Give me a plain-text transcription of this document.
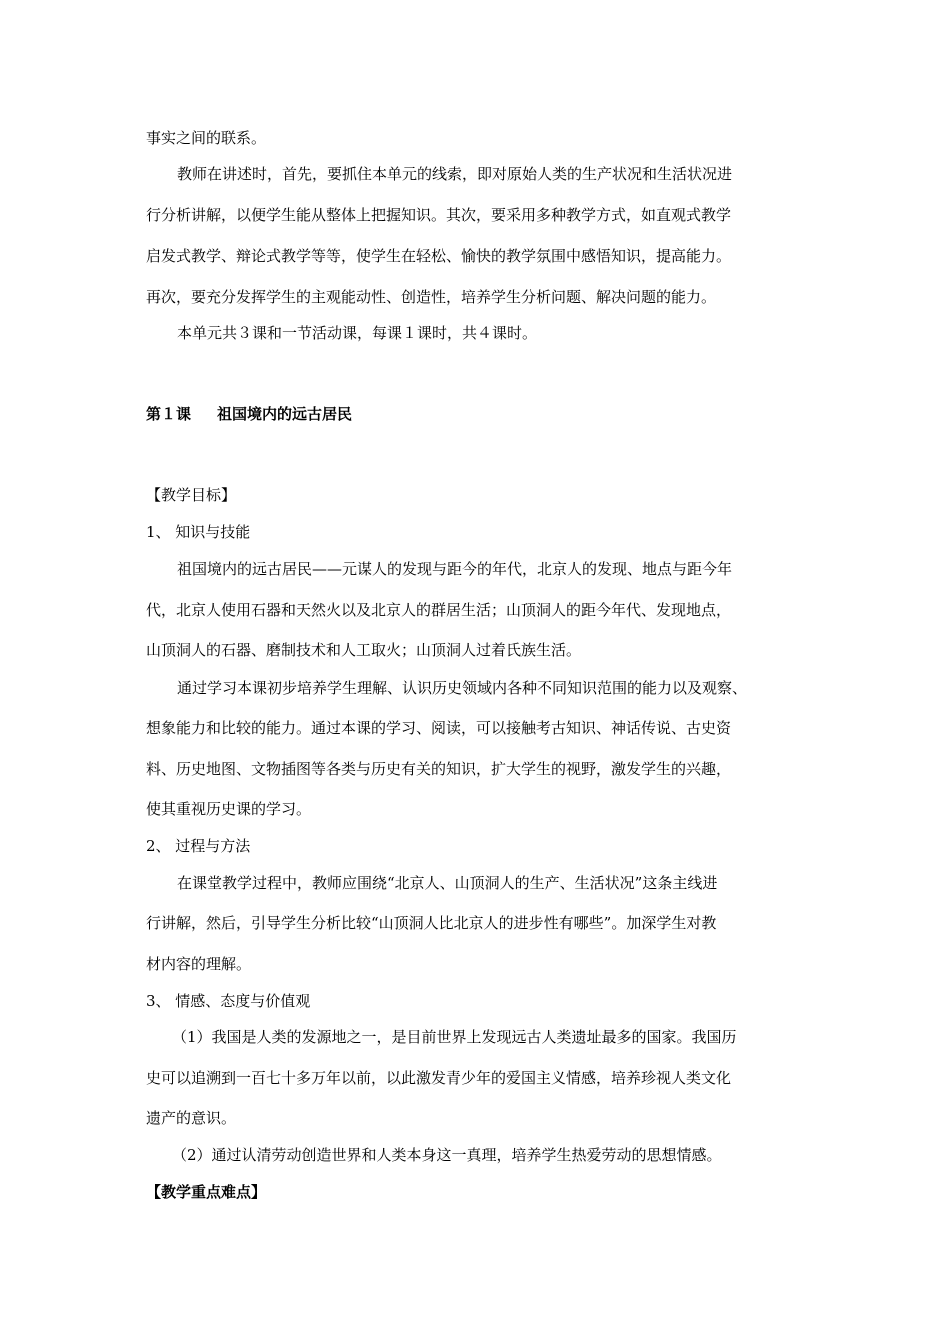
事实之间的联系。
教师在讲述时，首先，要抓住本单元的线索，即对原始人类的生产状况和生活状况进
行分析讲解，以便学生能从整体上把握知识。其次，要采用多种教学方式，如直观式教学
启发式教学、辩论式教学等等，使学生在轻松、愉快的教学氛围中感悟知识，提高能力。
再次，要充分发挥学生的主观能动性、创造性，培养学生分析问题、解决问题的能力。
本单元共３课和一节活动课，每课１课时，共４课时。
第１课 祖国境内的远古居民
【教学目标】
1、 知识与技能
祖国境内的远古居民——元谋人的发现与距今的年代，北京人的发现、地点与距今年
代，北京人使用石器和天然火以及北京人的群居生活；山顶洞人的距今年代、发现地点，
山顶洞人的石器、磨制技术和人工取火；山顶洞人过着氏族生活。
通过学习本课初步培养学生理解、认识历史领域内各种不同知识范围的能力以及观察、
想象能力和比较的能力。通过本课的学习、阅读，可以接触考古知识、神话传说、古史资
料、历史地图、文物插图等各类与历史有关的知识，扩大学生的视野，激发学生的兴趣，
使其重视历史课的学习。
2、 过程与方法
在课堂教学过程中，教师应围绕“北京人、山顶洞人的生产、生活状况”这条主线进
行讲解，然后，引导学生分析比较“山顶洞人比北京人的进步性有哪些”。加深学生对教
材内容的理解。
3、 情感、态度与价值观
（1）我国是人类的发源地之一，是目前世界上发现远古人类遗址最多的国家。我国历
史可以追溯到一百七十多万年以前，以此激发青少年的爱国主义情感，培养珍视人类文化
遗产的意识。
（2）通过认清劳动创造世界和人类本身这一真理，培养学生热爱劳动的思想情感。
【教学重点难点】
